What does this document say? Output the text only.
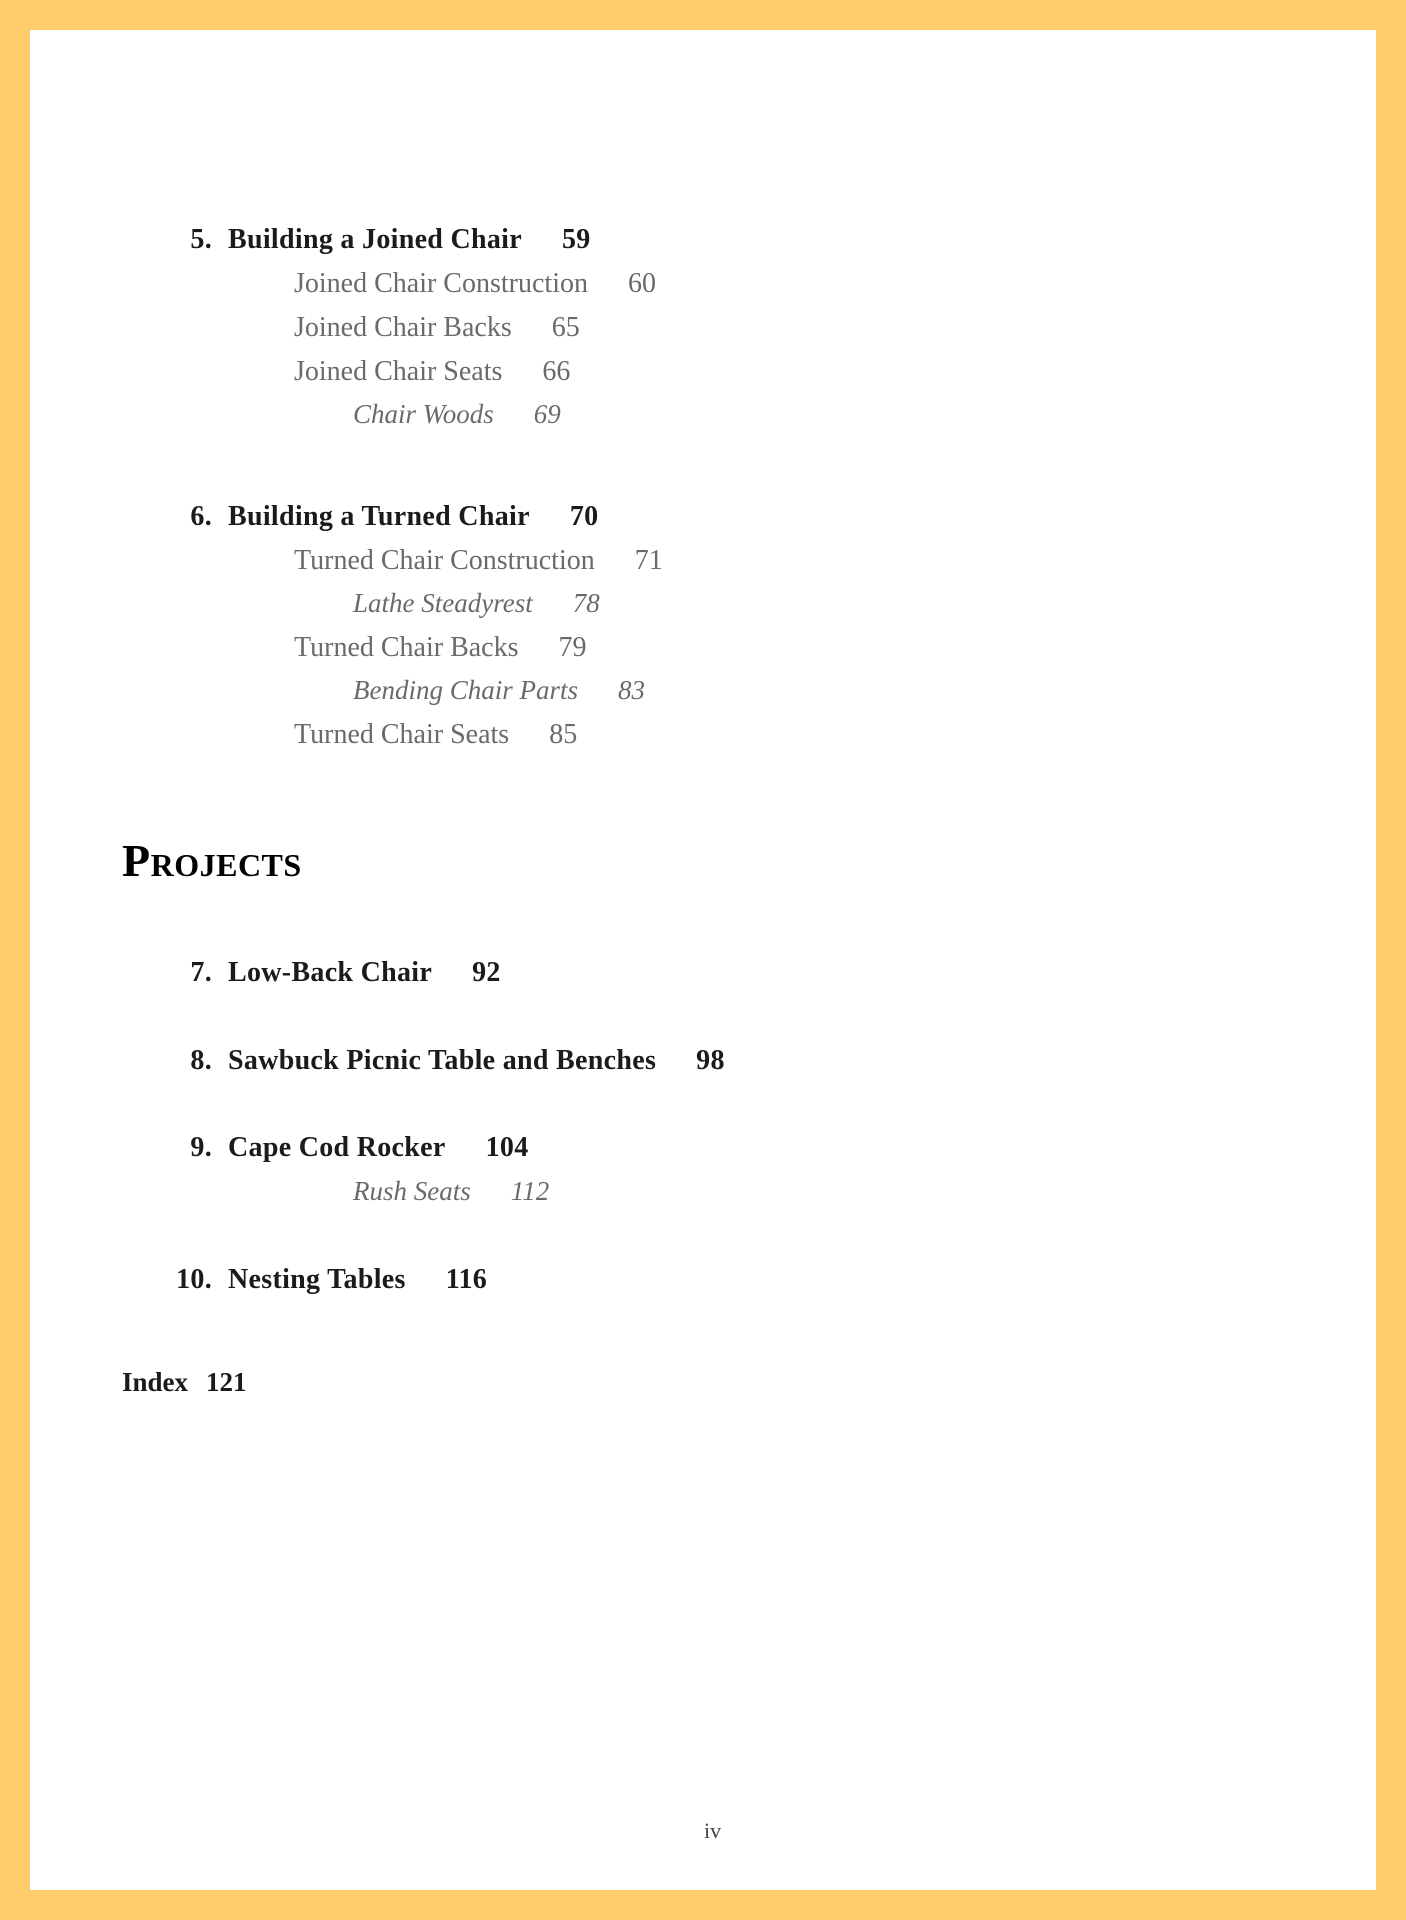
5. Building a Joined Chair 59
Joined Chair Construction 60
Joined Chair Backs 65
Joined Chair Seats 66
Chair Woods 69
6. Building a Turned Chair 70
Turned Chair Construction 71
Lathe Steadyrest 78
Turned Chair Backs 79
Bending Chair Parts 83
Turned Chair Seats 85
Projects
7. Low-Back Chair 92
8. Sawbuck Picnic Table and Benches 98
9. Cape Cod Rocker 104
Rush Seats 112
10. Nesting Tables 116
Index 121
iv
